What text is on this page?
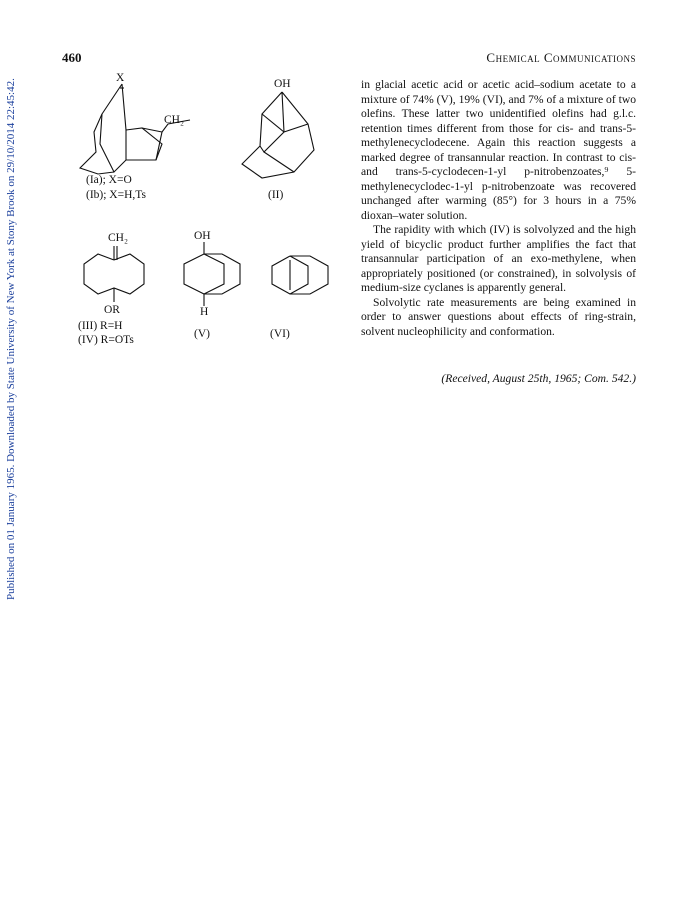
Published on 01 January 1965. Downloaded by State University of New York at Stony Brook on 29/10/2014 22:45:42.
460	Chemical Communications
X
CH₂
(Ia); X=O
(Ib); X=H,Ts
OH
(II)
CH₂
OR
(III) R=H
(IV) R=OTs
OH
H
(V)	(VI)

in glacial acetic acid or acetic acid–sodium acetate to a mixture of 74% (V), 19% (VI), and 7% of a mixture of two olefins. These latter two unidentified olefins had g.l.c. retention times different from those for cis- and trans-5-methylenecyclodecene. Again this reaction suggests a marked degree of transannular reaction. In contrast to cis- and trans-5-cyclodecen-1-yl p-nitrobenzoates,⁹ 5-methylenecyclodec-1-yl p-nitrobenzoate was recovered unchanged after warming (85°) for 3 hours in a 75% dioxan–water solution.

The rapidity with which (IV) is solvolyzed and the high yield of bicyclic product further amplifies the fact that transannular participation of an exo-methylene, when appropriately positioned (or constrained), in solvolysis of medium-size cyclanes is apparently general.

Solvolytic rate measurements are being examined in order to answer questions about effects of ring-strain, solvent nucleophilicity and conformation.

(Received, August 25th, 1965; Com. 542.)
